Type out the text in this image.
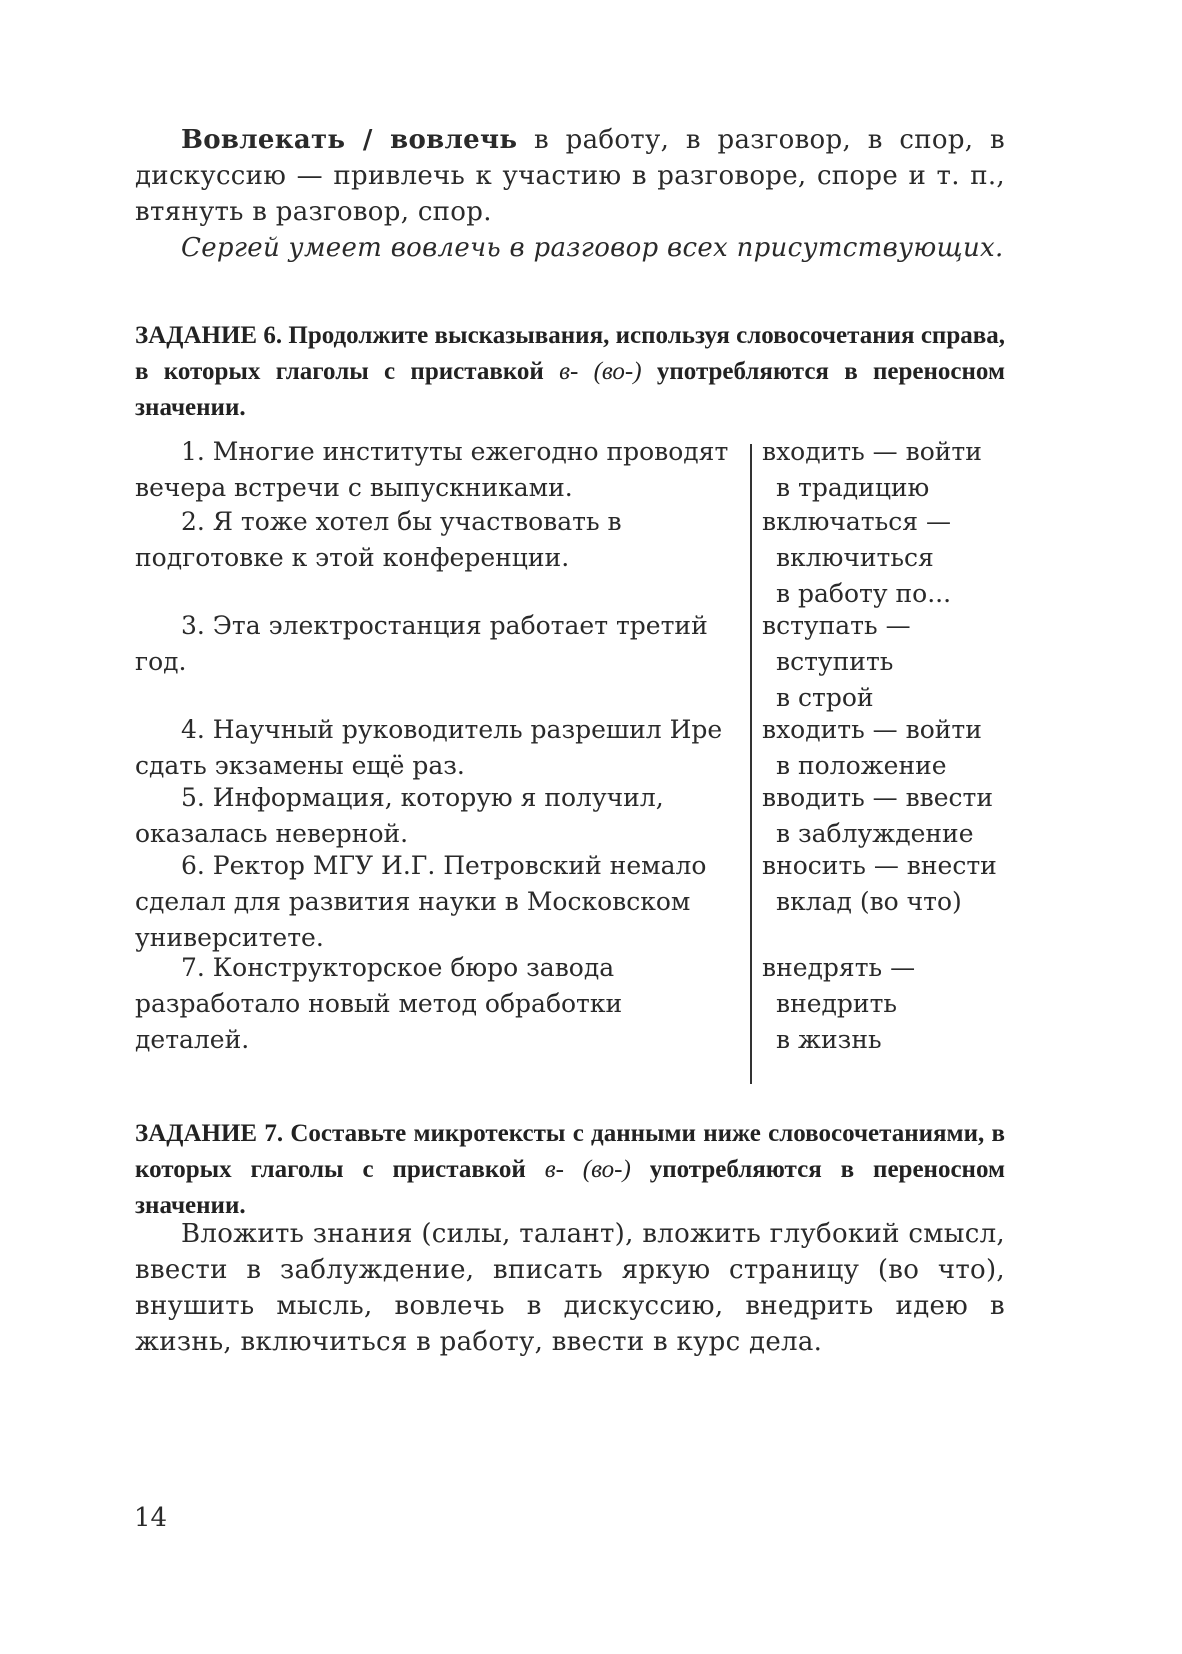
Вовлекать / вовлечь в работу, в разговор, в спор, в дискуссию — привлечь к участию в разговоре, споре и т. п., втянуть в разговор, спор.

Сергей умеет вовлечь в разговор всех присутствующих.

ЗАДАНИЕ 6. Продолжите высказывания, используя словосочетания справа, в которых глаголы с приставкой в- (во-) употребляются в переносном значении.

1. Многие институты ежегодно проводят вечера встречи с выпускниками.

входить — войти
в традицию

2. Я тоже хотел бы участвовать в подготовке к этой конференции.

включаться —
включиться
в работу по...

3. Эта электростанция работает третий год.

вступать —
вступить
в строй

4. Научный руководитель разрешил Ире сдать экзамены ещё раз.

входить — войти
в положение

5. Информация, которую я получил, оказалась неверной.

вводить — ввести
в заблуждение

6. Ректор МГУ И.Г. Петровский немало сделал для развития науки в Московском университете.

вносить — внести
вклад (во что)

7. Конструкторское бюро завода разработало новый метод обработки деталей.

внедрять —
внедрить
в жизнь

ЗАДАНИЕ 7. Составьте микротексты с данными ниже словосочетаниями, в которых глаголы с приставкой в- (во-) употребляются в переносном значении.

Вложить знания (силы, талант), вложить глубокий смысл, ввести в заблуждение, вписать яркую страницу (во что), внушить мысль, вовлечь в дискуссию, внедрить идею в жизнь, включиться в работу, ввести в курс дела.

14
